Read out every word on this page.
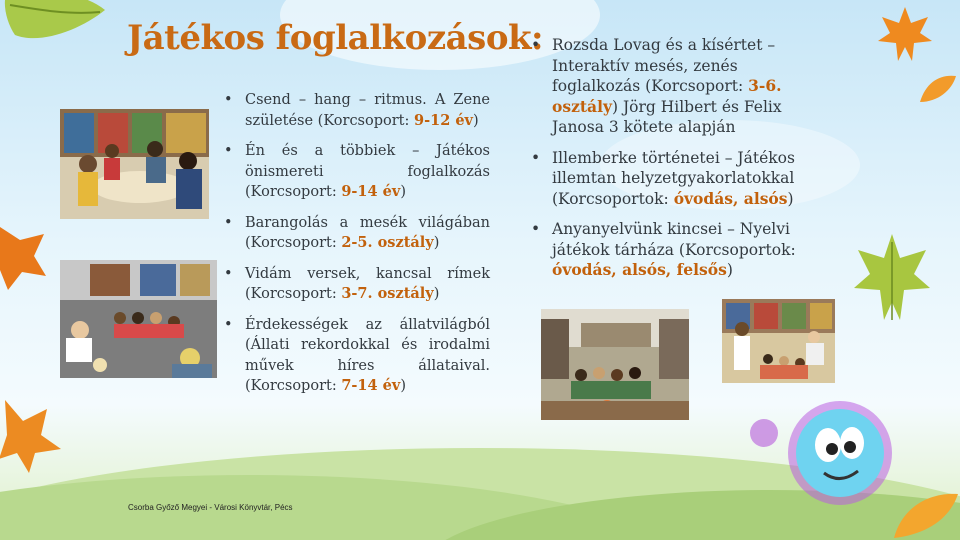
Játékos foglalkozások:
• Csend – hang – ritmus. A Zene születése (Korcsoport: 9-12 év)
• Én és a többiek – Játékos önismereti foglalkozás (Korcsoport: 9-14 év)
• Barangolás a mesék világában (Korcsoport: 2-5. osztály)
• Vidám versek, kancsal rímek (Korcsoport: 3-7. osztály)
• Érdekességek az állatvilágból (Állati rekordokkal és irodalmi művek híres állataival. (Korcsoport: 7-14 év)
• Rozsda Lovag és a kísértet – Interaktív mesés, zenés foglalkozás (Korcsoport: 3-6. osztály) Jörg Hilbert és Felix Janosa 3 kötete alapján
• Illemberke történetei – Játékos illemtan helyzetgyakorlatokkal (Korcsoportok: óvodás, alsós)
• Anyanyelvünk kincsei – Nyelvi játékok tárháza (Korcsoportok: óvodás, alsós, felsős)
Csorba Győző Megyei - Városi Könyvtár, Pécs
